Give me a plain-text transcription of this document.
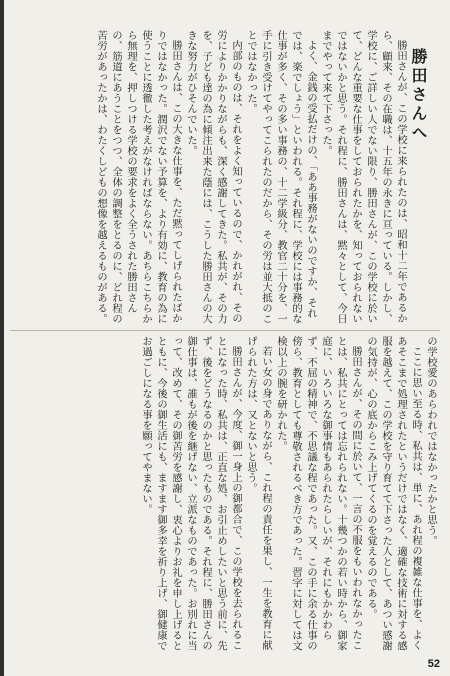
勝田さんへ

勝田さんが、この学校に来られたのは、昭和十二年であるから、顧来、その在職は、十五年の永きに亘っている。しかし、学校に、ご詳しい人でない限り、勝田さんが、この学校に於いて、どんな重要な仕事をしておられたかを、知っておられないではないかと思う。それ程に、勝田さんは、黙々として、今日までやって来て下さった。

よく、金銭の受払だけの、「ああ事務がないのですか、それでは、楽でしょう」といわれる。それ程に、学校には事務的な仕事が多く、その多い事務の、十二学級分、教官二十分を、一手に引き受けてやってこられたのだから、その労は並大抵のことではなかった。

内部のものは、それをよく知っているので、かれがれ、その労によりかかりながらも、深く感謝してきた。私共が、その力を、子ども達の為に傾注出来た蔭には、こうした勝田さんの大きな努力がひそんでいた。

勝田さんは、この大きな仕事を、ただ黙ってしげられたばかりではなかった。潤沢でない予算を、より有効に、教育の為に使うことに透徹した考えがなければならない。あちらこちらから無理を、押しつける学校の要求をよく全うされた勝田さんの、筋道にあうことをつつ、全体の調整をとるのに、どれ程の苦労があったかは、わたくしどもの想像を越えるものがある。

の学校愛のあらわれではなかったかと思う。

ここに思い至る時、私共は、単に、あれ程の複雑な仕事を、よくあそこまで処理されたというだけではなく、適確な技術に対する感服を越えて、この学校を守り育てて下さった人として、あつい感謝の気持が、心の底からこみ上げてくるのを覚えるのである。

勝田さんが、その間に於いて、一言の不服をもいわれなかったことは、私共にとっては忘れられない。十幾つかの若い時から、御家庭に、いろいろな御事情もあられたらしいが、それにもかかわらず、不屈の精神で、不思議な程であった。又、この手に余る仕事の傍ら、教育としても尊敬されるべき方であった。習字に対しては文検以上の腕を研かれた。

若い女の身でありながら、これ程の責任を果し、一生を教育に献げられた方は、又とないと思う。

勝田さんが、今度、御一身上の御都合で、この学校を去られることになった時、私共は、正直な処、お引止めしたいと思う前に、先ず、後をどうなるのかと思ったものである。それ程に、勝田さんの御仕事は、誰もが後を継げない、立派なものであった。お別れに当って、改めて、その御苦労を感謝し、衷心よりお礼を申し上げるとともに、今後の御生活にも、ますます御多幸を祈り上げ、御健康でお過ごしになる事を願ってやまない。

52
